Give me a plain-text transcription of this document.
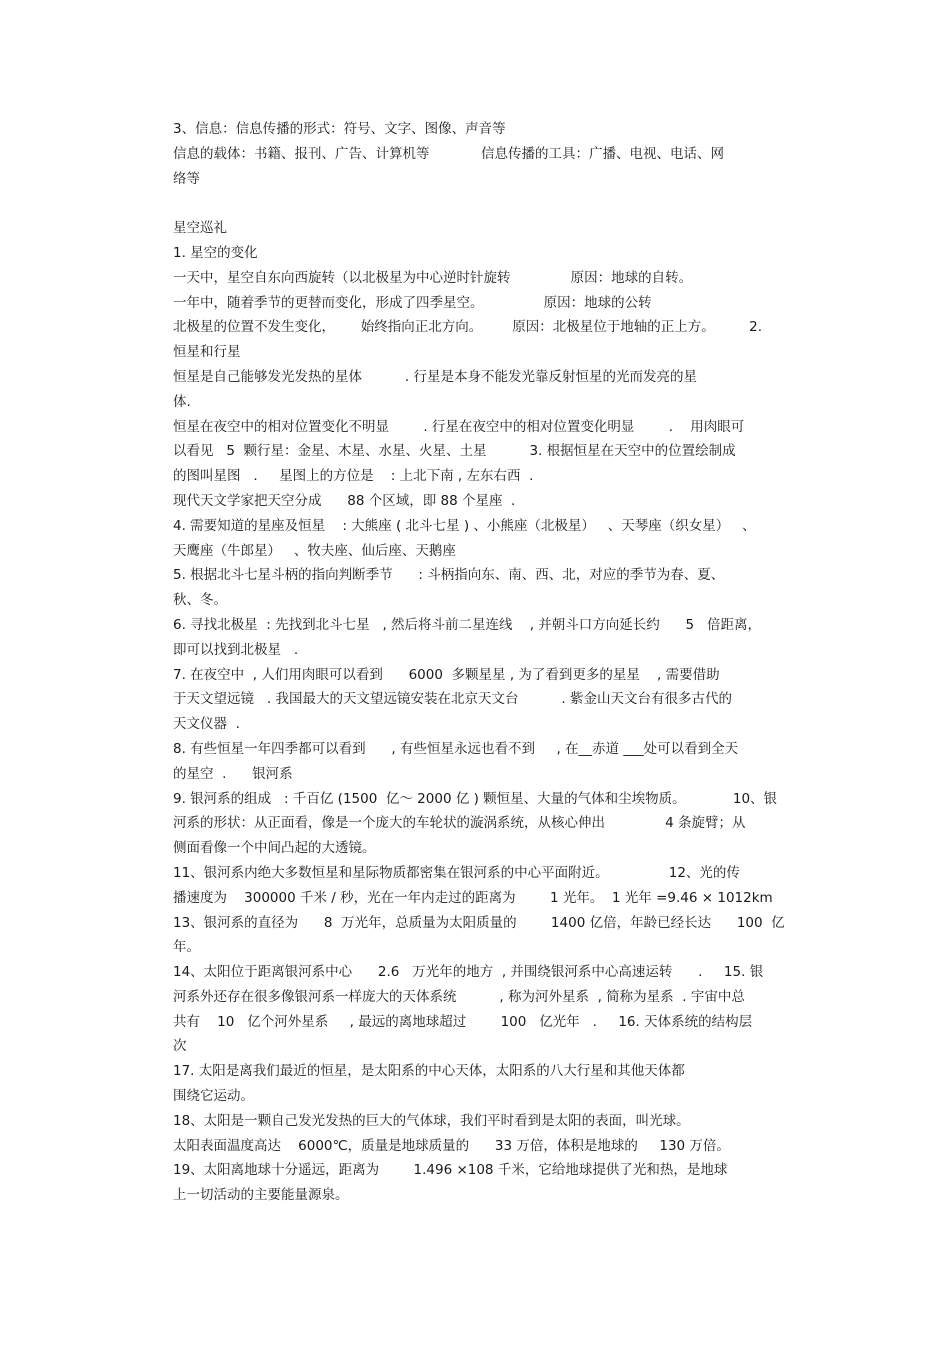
3、信息：信息传播的形式：符号、文字、图像、声音等
信息的载体：书籍、报刊、广告、计算机等            信息传播的工具：广播、电视、电话、网
络等
星空巡礼
1. 星空的变化
一天中，星空自东向西旋转（以北极星为中心逆时针旋转              原因：地球的自转。
一年中，随着季节的更替而变化，形成了四季星空。              原因：地球的公转
北极星的位置不发生变化，      始终指向正北方向。       原因：北极星位于地轴的正上方。        2.
恒星和行星
恒星是自己能够发光发热的星体          . 行星是本身不能发光靠反射恒星的光而发亮的星
体.
恒星在夜空中的相对位置变化不明显        . 行星在夜空中的相对位置变化明显        .    用肉眼可
以看见   5  颗行星：金星、木星、水星、火星、土星          3. 根据恒星在天空中的位置绘制成
的图叫星图   .     星图上的方位是    : 上北下南 , 左东右西  .
现代天文学家把天空分成      88 个区域，即 88 个星座  .
4. 需要知道的星座及恒星    : 大熊座 ( 北斗七星 ) 、小熊座（北极星）   、天琴座（织女星）   、
天鹰座（牛郎星）   、牧夫座、仙后座、天鹅座
5. 根据北斗七星斗柄的指向判断季节      : 斗柄指向东、南、西、北，对应的季节为春、夏、
秋、冬。
6. 寻找北极星  : 先找到北斗七星   , 然后将斗前二星连线    , 并朝斗口方向延长约      5   倍距离，
即可以找到北极星   .
7. 在夜空中  , 人们用肉眼可以看到      6000  多颗星星 , 为了看到更多的星星    , 需要借助
于天文望远镜   . 我国最大的天文望远镜安装在北京天文台          . 紫金山天文台有很多古代的
天文仪器  .
8. 有些恒星一年四季都可以看到      , 有些恒星永远也看不到     , 在__赤道 ___处可以看到全天
的星空  .      银河系
9. 银河系的组成   : 千百亿 (1500  亿～ 2000 亿 ) 颗恒星、大量的气体和尘埃物质。           10、银
河系的形状：从正面看，像是一个庞大的车轮状的漩涡系统，从核心伸出              4 条旋臂；从
侧面看像一个中间凸起的大透镜。
11、银河系内绝大多数恒星和星际物质都密集在银河系的中心平面附近。              12、光的传
播速度为    300000 千米 / 秒，光在一年内走过的距离为        1 光年。  1 光年 =9.46 × 1012km
13、银河系的直径为      8  万光年，总质量为太阳质量的        1400 亿倍，年龄已经长达      100  亿
年。
14、太阳位于距离银河系中心      2.6   万光年的地方  , 并围绕银河系中心高速运转      .     15. 银
河系外还存在很多像银河系一样庞大的天体系统          , 称为河外星系  , 简称为星系  . 宇宙中总
共有    10   亿个河外星系     , 最远的离地球超过        100   亿光年   .     16. 天体系统的结构层
次
17. 太阳是离我们最近的恒星，是太阳系的中心天体，太阳系的八大行星和其他天体都
围绕它运动。
18、太阳是一颗自己发光发热的巨大的气体球，我们平时看到是太阳的表面，叫光球。
太阳表面温度高达    6000℃，质量是地球质量的      33 万倍，体积是地球的     130 万倍。
19、太阳离地球十分遥远，距离为        1.496 ×108 千米，它给地球提供了光和热，是地球
上一切活动的主要能量源泉。
